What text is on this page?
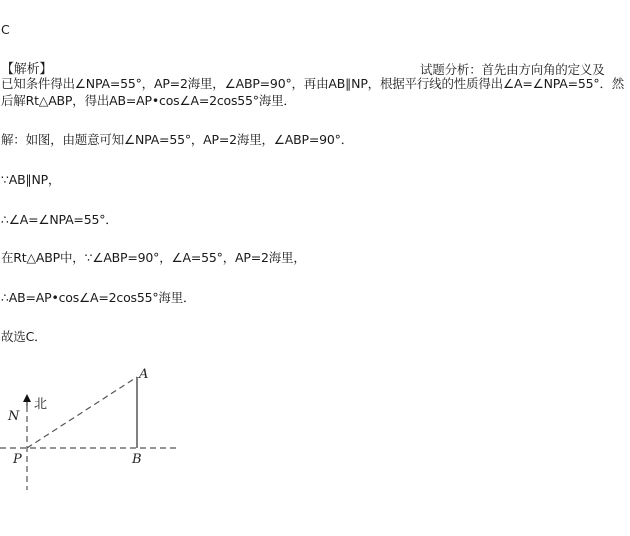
C
【解析】	试题分析：首先由方向角的定义及
已知条件得出∠NPA=55°，AP=2海里，∠ABP=90°，再由AB∥NP，根据平行线的性质得出∠A=∠NPA=55°．然
后解Rt△ABP，得出AB=AP•cos∠A=2cos55°海里．
解：如图，由题意可知∠NPA=55°，AP=2海里，∠ABP=90°．
∵AB∥NP，
∴∠A=∠NPA=55°．
在Rt△ABP中，∵∠ABP=90°，∠A=55°，AP=2海里，
∴AB=AP•cos∠A=2cos55°海里．
故选C．
北
N
P
A
B
